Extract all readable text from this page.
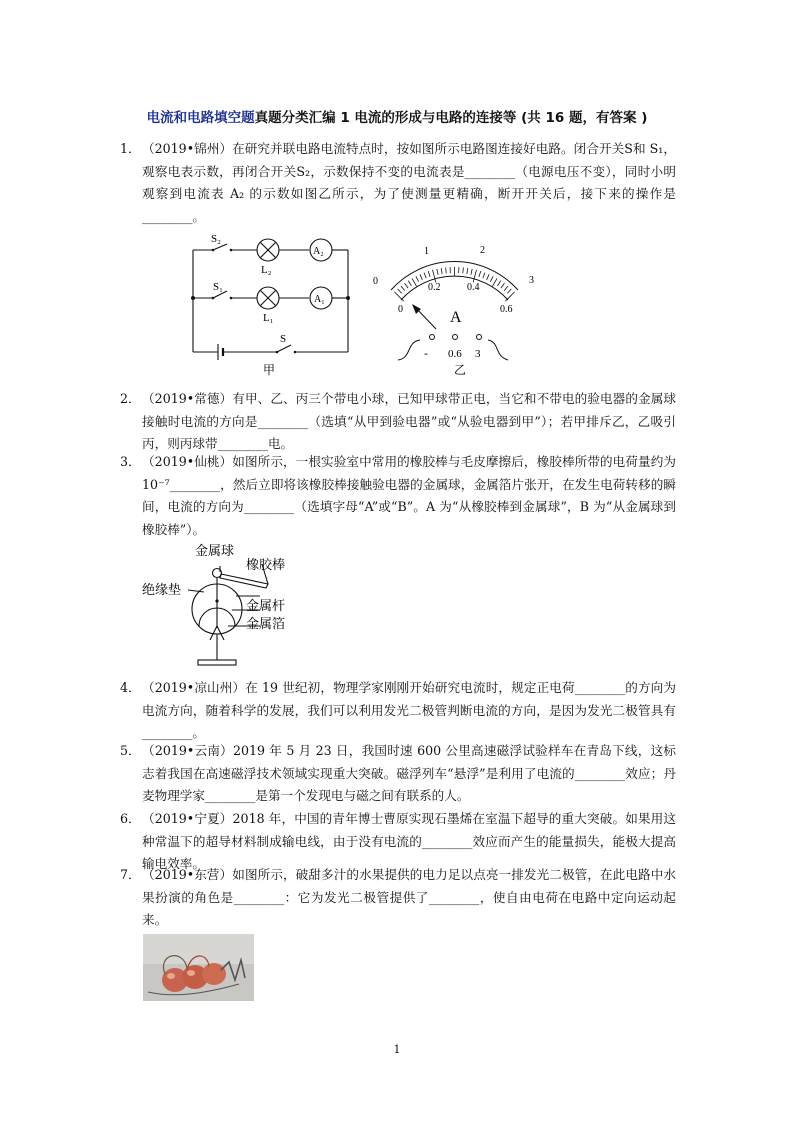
电流和电路填空题真题分类汇编 1 电流的形成与电路的连接等 (共 16 题，有答案 )
1． （2019•锦州）在研究并联电路电流特点时，按如图所示电路图连接好电路。闭合开关S和 S₁，观察电表示数，再闭合开关S₂，示数保持不变的电流表是________（电源电压不变），同时小明观察到电流表 A₂ 的示数如图乙所示，为了使测量更精确，断开开关后，接下来的操作是________。
S₂
L₂
A₂
S₁
L₁
A₁
S
甲
0
1	2
3
0
0.2	0.4
0.6
A
- 0.6 3
乙
2． （2019•常德）有甲、乙、丙三个带电小球，已知甲球带正电，当它和不带电的验电器的金属球接触时电流的方向是________（选填“从甲到验电器”或“从验电器到甲”）；若甲排斥乙，乙吸引丙，则丙球带________电。
3． （2019•仙桃）如图所示，一根实验室中常用的橡胶棒与毛皮摩擦后，橡胶棒所带的电荷量约为 10⁻⁷________，然后立即将该橡胶棒接触验电器的金属球，金属箔片张开，在发生电荷转移的瞬间，电流的方向为________（选填字母“A”或“B”。A 为“从橡胶棒到金属球”，B 为“从金属球到橡胶棒”）。
金属球
橡胶棒
绝缘垫
金属杆
金属箔
4． （2019•凉山州）在 19 世纪初，物理学家刚刚开始研究电流时，规定正电荷________的方向为电流方向，随着科学的发展，我们可以利用发光二极管判断电流的方向，是因为发光二极管具有________。
5． （2019•云南）2019 年 5 月 23 日，我国时速 600 公里高速磁浮试验样车在青岛下线，这标志着我国在高速磁浮技术领域实现重大突破。磁浮列车“悬浮”是利用了电流的________效应；丹麦物理学家________是第一个发现电与磁之间有联系的人。
6． （2019•宁夏）2018 年，中国的青年博士曹原实现石墨烯在室温下超导的重大突破。如果用这种常温下的超导材料制成输电线，由于没有电流的________效应而产生的能量损失，能极大提高输电效率。
7． （2019•东营）如图所示，破甜多汁的水果提供的电力足以点亮一排发光二极管，在此电路中水果扮演的角色是________：它为发光二极管提供了________，使自由电荷在电路中定向运动起来。
1
